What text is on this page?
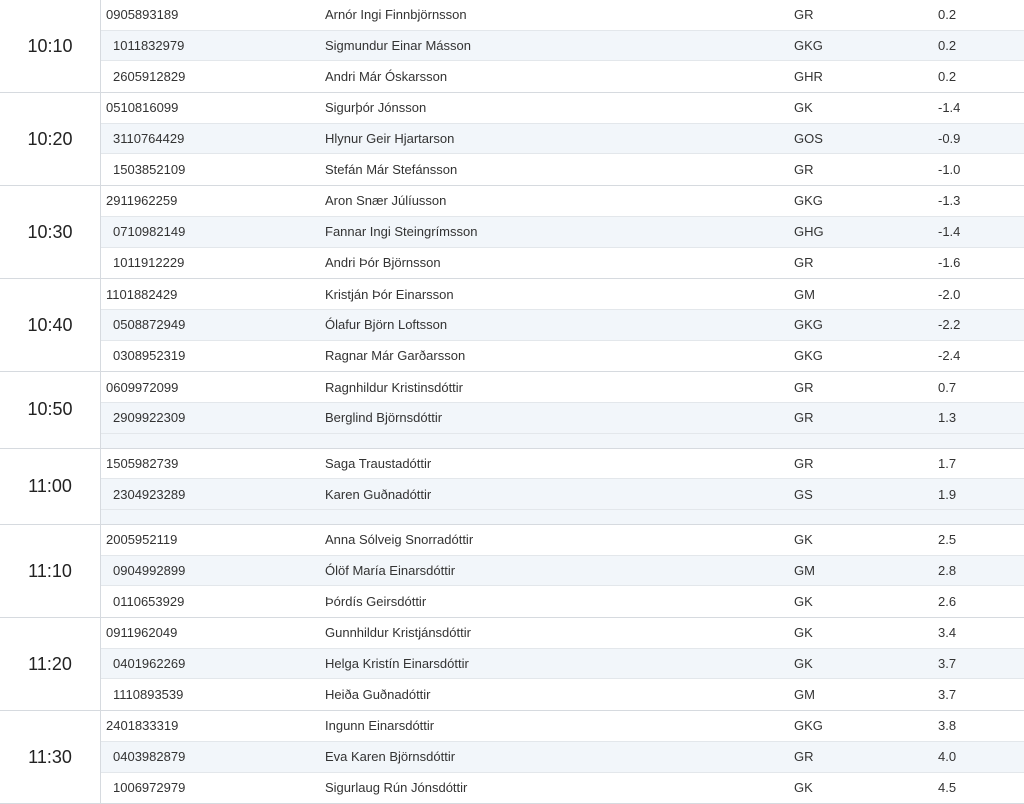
10:10
0905893189	Arnór Ingi Finnbjörnsson	GR	0.2
1011832979	Sigmundur Einar Másson	GKG	0.2
2605912829	Andri Már Óskarsson	GHR	0.2
10:20
0510816099	Sigurþór Jónsson	GK	-1.4
3110764429	Hlynur Geir Hjartarson	GOS	-0.9
1503852109	Stefán Már Stefánsson	GR	-1.0
10:30
2911962259	Aron Snær Júlíusson	GKG	-1.3
0710982149	Fannar Ingi Steingrímsson	GHG	-1.4
1011912229	Andri Þór Björnsson	GR	-1.6
10:40
1101882429	Kristján Þór Einarsson	GM	-2.0
0508872949	Ólafur Björn Loftsson	GKG	-2.2
0308952319	Ragnar Már Garðarsson	GKG	-2.4
10:50
0609972099	Ragnhildur Kristinsdóttir	GR	0.7
2909922309	Berglind Björnsdóttir	GR	1.3
11:00
1505982739	Saga Traustadóttir	GR	1.7
2304923289	Karen Guðnadóttir	GS	1.9
11:10
2005952119	Anna Sólveig Snorradóttir	GK	2.5
0904992899	Ólöf María Einarsdóttir	GM	2.8
0110653929	Þórdís Geirsdóttir	GK	2.6
11:20
0911962049	Gunnhildur Kristjánsdóttir	GK	3.4
0401962269	Helga Kristín Einarsdóttir	GK	3.7
1110893539	Heiða Guðnadóttir	GM	3.7
11:30
2401833319	Ingunn Einarsdóttir	GKG	3.8
0403982879	Eva Karen Björnsdóttir	GR	4.0
1006972979	Sigurlaug Rún Jónsdóttir	GK	4.5
